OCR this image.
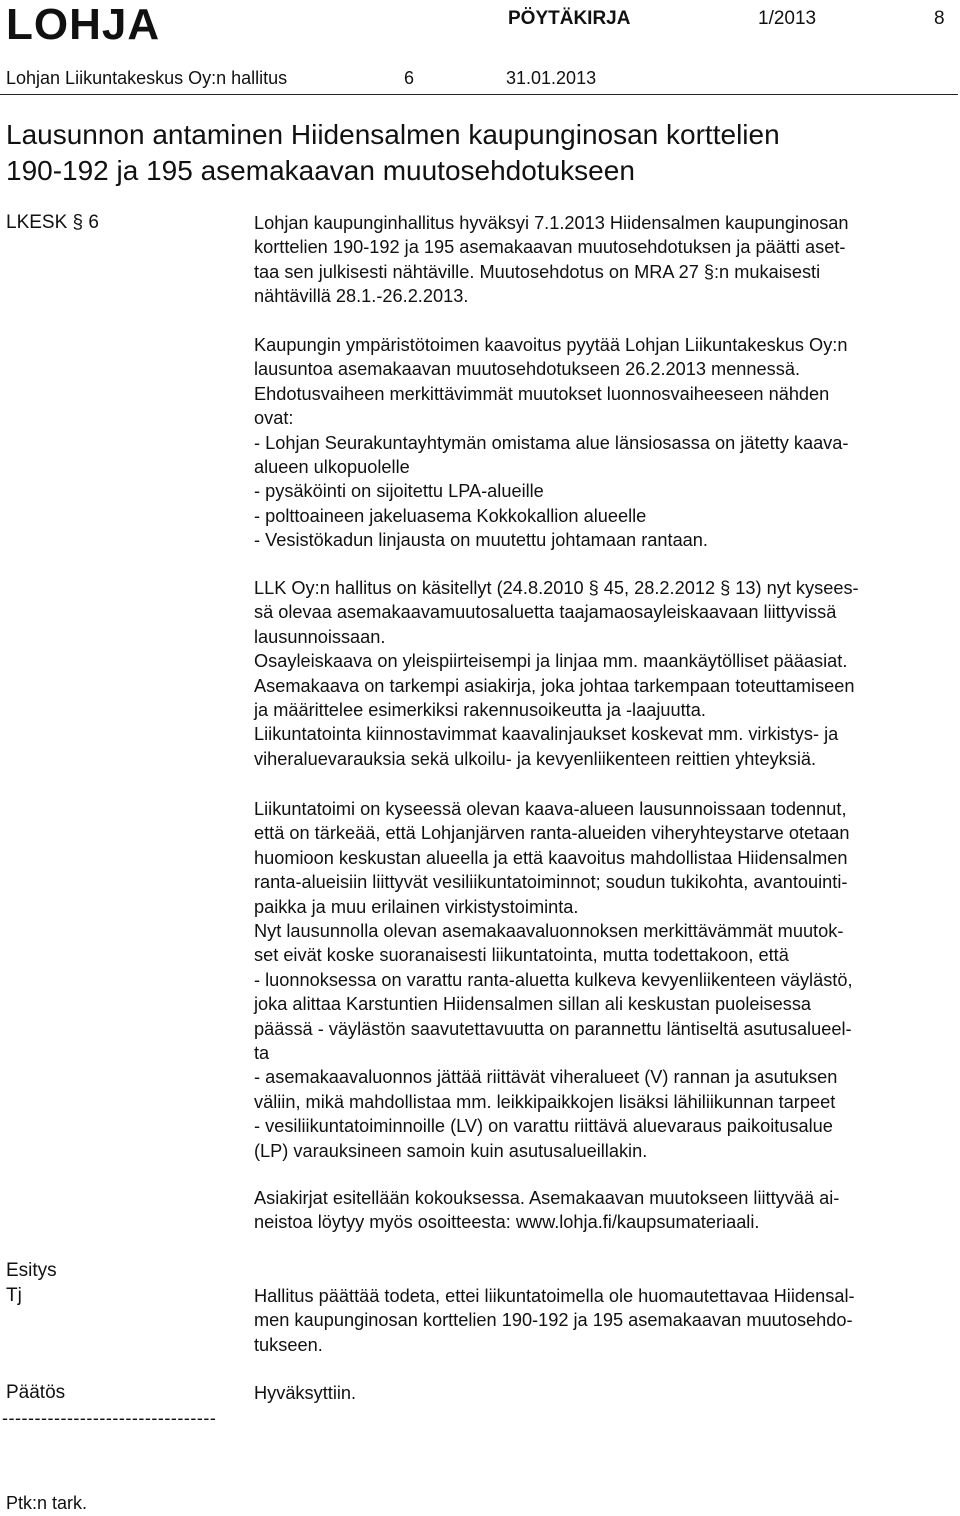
LOHJA	PÖYTÄKIRJA	1/2013	8
Lohjan Liikuntakeskus Oy:n hallitus	6	31.01.2013
Lausunnon antaminen Hiidensalmen kaupunginosan korttelien
190-192 ja 195 asemakaavan muutosehdotukseen
LKESK § 6	Lohjan kaupunginhallitus hyväksyi 7.1.2013 Hiidensalmen kaupunginosan
korttelien 190-192 ja 195 asemakaavan muutosehdotuksen ja päätti aset-
taa sen julkisesti nähtäville. Muutosehdotus on MRA 27 §:n mukaisesti
nähtävillä 28.1.-26.2.2013.
Kaupungin ympäristötoimen kaavoitus pyytää Lohjan Liikuntakeskus Oy:n
lausuntoa asemakaavan muutosehdotukseen 26.2.2013 mennessä.
Ehdotusvaiheen merkittävimmät muutokset luonnosvaiheeseen nähden
ovat:
- Lohjan Seurakuntayhtymän omistama alue länsiosassa on jätetty kaava-
alueen ulkopuolelle
- pysäköinti on sijoitettu LPA-alueille
- polttoaineen jakeluasema Kokkokallion alueelle
- Vesistökadun linjausta on muutettu johtamaan rantaan.
LLK Oy:n hallitus on käsitellyt (24.8.2010 § 45, 28.2.2012 § 13) nyt kysees-
sä olevaa asemakaavamuutosaluetta taajamaosayleiskaavaan liittyvissä
lausunnoissaan.
Osayleiskaava on yleispiirteisempi ja linjaa mm. maankäytölliset pääasiat.
Asemakaava on tarkempi asiakirja, joka johtaa tarkempaan toteuttamiseen
ja määrittelee esimerkiksi rakennusoikeutta ja -laajuutta.
Liikuntatointa kiinnostavimmat kaavalinjaukset koskevat mm. virkistys- ja
viheraluevarauksia sekä ulkoilu- ja kevyenliikenteen reittien yhteyksiä.
Liikuntatoimi on kyseessä olevan kaava-alueen lausunnoissaan todennut,
että on tärkeää, että Lohjanjärven ranta-alueiden viheryhteystarve otetaan
huomioon keskustan alueella ja että kaavoitus mahdollistaa Hiidensalmen
ranta-alueisiin liittyvät vesiliikuntatoiminnot; soudun tukikohta, avantouinti-
paikka ja muu erilainen virkistystoiminta.
Nyt lausunnolla olevan asemakaavaluonnoksen merkittävämmät muutok-
set eivät koske suoranaisesti liikuntatointa, mutta todettakoon, että
- luonnoksessa on varattu ranta-aluetta kulkeva kevyenliikenteen väylästö,
joka alittaa Karstuntien Hiidensalmen sillan ali keskustan puoleisessa
päässä - väylästön saavutettavuutta on parannettu läntiseltä asutusalueel-
ta
- asemakaavaluonnos jättää riittävät viheralueet (V) rannan ja asutuksen
väliin, mikä mahdollistaa mm. leikkipaikkojen lisäksi lähiliikunnan tarpeet
- vesiliikuntatoiminnoille (LV) on varattu riittävä aluevaraus paikoitusalue
(LP) varauksineen samoin kuin asutusalueillakin.
Asiakirjat esitellään kokouksessa. Asemakaavan muutokseen liittyvää ai-
neistoa löytyy myös osoitteesta: www.lohja.fi/kaupsumateriaali.
Esitys
Tj	Hallitus päättää todeta, ettei liikuntatoimella ole huomautettavaa Hiidensal-
men kaupunginosan korttelien 190-192 ja 195 asemakaavan muutosehdo-
tukseen.
Päätös	Hyväksyttiin.
---------------------------------
Ptk:n tark.
